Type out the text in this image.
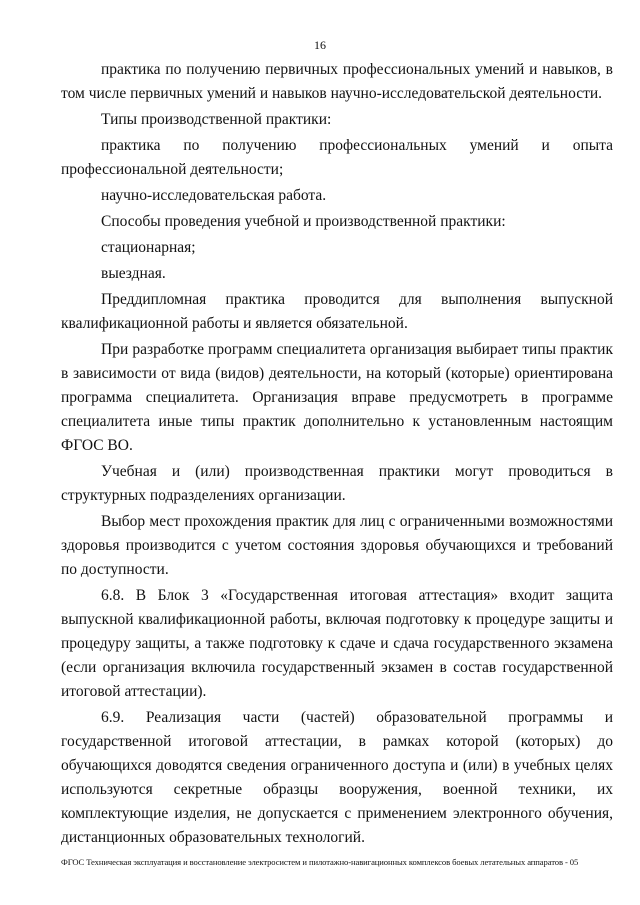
16

практика по получению первичных профессиональных умений и навыков, в том числе первичных умений и навыков научно-исследовательской деятельности.

Типы производственной практики:

практика по получению профессиональных умений и опыта профессиональной деятельности;

научно-исследовательская работа.

Способы проведения учебной и производственной практики:

стационарная;

выездная.

Преддипломная практика проводится для выполнения выпускной квалификационной работы и является обязательной.

При разработке программ специалитета организация выбирает типы практик в зависимости от вида (видов) деятельности, на который (которые) ориентирована программа специалитета. Организация вправе предусмотреть в программе специалитета иные типы практик дополнительно к установленным настоящим ФГОС ВО.

Учебная и (или) производственная практики могут проводиться в структурных подразделениях организации.

Выбор мест прохождения практик для лиц с ограниченными возможностями здоровья производится с учетом состояния здоровья обучающихся и требований по доступности.

6.8. В Блок 3 «Государственная итоговая аттестация» входит защита выпускной квалификационной работы, включая подготовку к процедуре защиты и процедуру защиты, а также подготовку к сдаче и сдача государственного экзамена (если организация включила государственный экзамен в состав государственной итоговой аттестации).

6.9. Реализация части (частей) образовательной программы и государственной итоговой аттестации, в рамках которой (которых) до обучающихся доводятся сведения ограниченного доступа и (или) в учебных целях используются секретные образцы вооружения, военной техники, их комплектующие изделия, не допускается с применением электронного обучения, дистанционных образовательных технологий.

ФГОС Техническая эксплуатация и восстановление электросистем и пилотажно-навигационных комплексов боевых летательных аппаратов - 05
